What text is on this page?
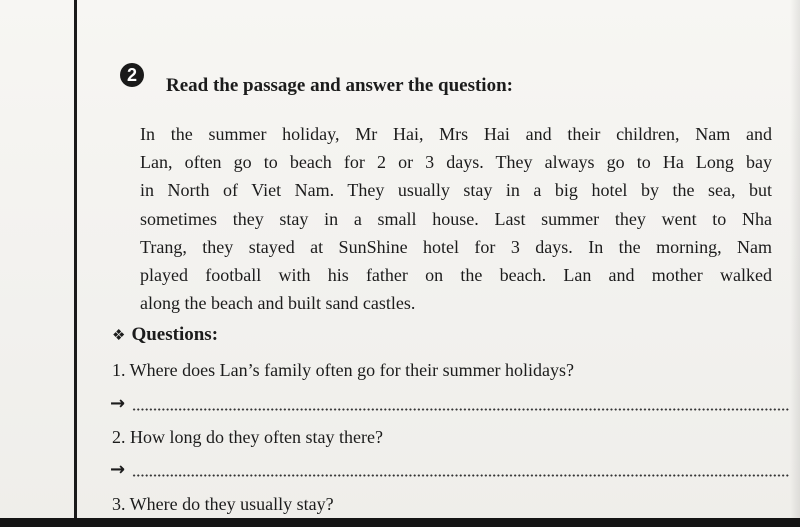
2	Read the passage and answer the question:
In the summer holiday, Mr Hai, Mrs Hai and their children, Nam and
Lan, often go to beach for 2 or 3 days. They always go to Ha Long bay
in North of Viet Nam. They usually stay in a big hotel by the sea, but
sometimes they stay in a small house. Last summer they went to Nha
Trang, they stayed at SunShine hotel for 3 days. In the morning, Nam
played football with his father on the beach. Lan and mother walked
along the beach and built sand castles.
❖ Questions:
1. Where does Lan’s family often go for their summer holidays?
→
2. How long do they often stay there?
→
3. Where do they usually stay?
